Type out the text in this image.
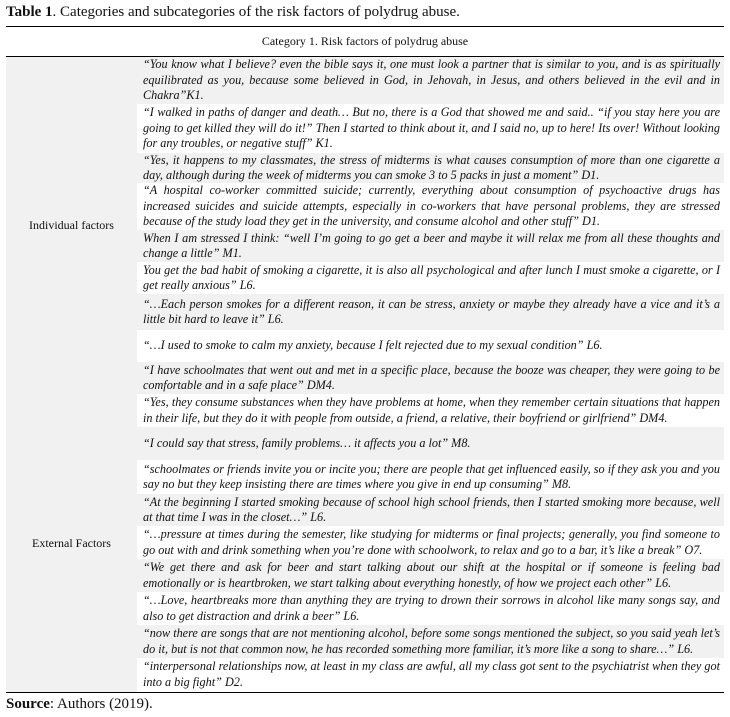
Table 1. Categories and subcategories of the risk factors of polydrug abuse.
Category 1. Risk factors of polydrug abuse
Individual factors
External Factors
“You know what I believe? even the bible says it, one must look a partner that is similar to you, and is as spiritually equilibrated as you, because some believed in God, in Jehovah, in Jesus, and others believed in the evil and in Chakra”K1.
“I walked in paths of danger and death… But no, there is a God that showed me and said.. “if you stay here you are going to get killed they will do it!” Then I started to think about it, and I said no, up to here! Its over! Without looking for any troubles, or negative stuff” K1.
“Yes, it happens to my classmates, the stress of midterms is what causes consumption of more than one cigarette a day, although during the week of midterms you can smoke 3 to 5 packs in just a moment” D1.
“A hospital co-worker committed suicide; currently, everything about consumption of psychoactive drugs has increased suicides and suicide attempts, especially in co-workers that have personal problems, they are stressed because of the study load they get in the university, and consume alcohol and other stuff” D1.
When I am stressed I think: “well I’m going to go get a beer and maybe it will relax me from all these thoughts and change a little” M1.
You get the bad habit of smoking a cigarette, it is also all psychological and after lunch I must smoke a cigarette, or I get really anxious” L6.
“…Each person smokes for a different reason, it can be stress, anxiety or maybe they already have a vice and it’s a little bit hard to leave it” L6.
“…I used to smoke to calm my anxiety, because I felt rejected due to my sexual condition” L6.
“I have schoolmates that went out and met in a specific place, because the booze was cheaper, they were going to be comfortable and in a safe place” DM4.
“Yes, they consume substances when they have problems at home, when they remember certain situations that happen in their life, but they do it with people from outside, a friend, a relative, their boyfriend or girlfriend” DM4.
“I could say that stress, family problems… it affects you a lot” M8.
“schoolmates or friends invite you or incite you; there are people that get influenced easily, so if they ask you and you say no but they keep insisting there are times where you give in end up consuming” M8.
“At the beginning I started smoking because of school high school friends, then I started smoking more because, well at that time I was in the closet…” L6.
“…pressure at times during the semester, like studying for midterms or final projects; generally, you find someone to go out with and drink something when you’re done with schoolwork, to relax and go to a bar, it’s like a break” O7.
“We get there and ask for beer and start talking about our shift at the hospital or if someone is feeling bad emotionally or is heartbroken, we start talking about everything honestly, of how we project each other” L6.
“…Love, heartbreaks more than anything they are trying to drown their sorrows in alcohol like many songs say, and also to get distraction and drink a beer” L6.
“now there are songs that are not mentioning alcohol, before some songs mentioned the subject, so you said yeah let’s do it, but is not that common now, he has recorded something more familiar, it’s more like a song to share…” L6.
“interpersonal relationships now, at least in my class are awful, all my class got sent to the psychiatrist when they got into a big fight” D2.
Source: Authors (2019).
